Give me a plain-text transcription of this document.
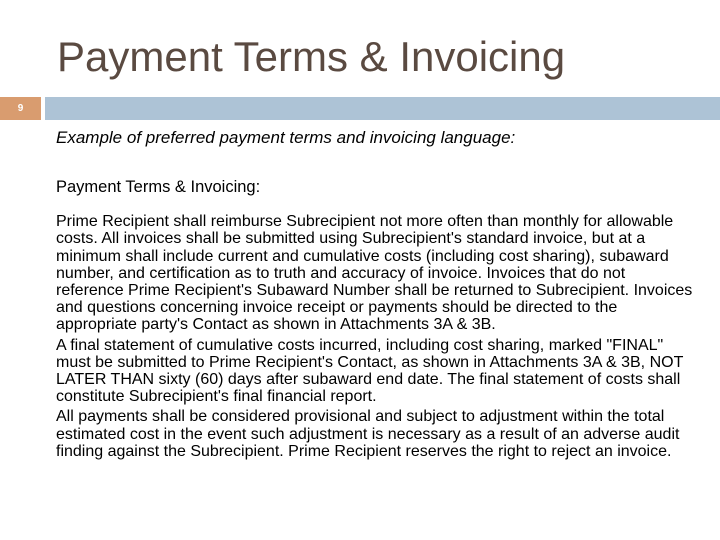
Payment Terms & Invoicing
9
Example of preferred payment terms and invoicing language:
Payment Terms & Invoicing:

Prime Recipient shall reimburse Subrecipient not more often than monthly for allowable costs. All invoices shall be submitted using Subrecipient's standard invoice, but at a minimum shall include current and cumulative costs (including cost sharing), subaward number, and certification as to truth and accuracy of invoice. Invoices that do not reference Prime Recipient's Subaward Number shall be returned to Subrecipient. Invoices and questions concerning invoice receipt or payments should be directed to the appropriate party's Contact as shown in Attachments 3A & 3B.

A final statement of cumulative costs incurred, including cost sharing, marked "FINAL" must be submitted to Prime Recipient's Contact, as shown in Attachments 3A & 3B, NOT LATER THAN sixty (60) days after subaward end date. The final statement of costs shall constitute Subrecipient's final financial report.

All payments shall be considered provisional and subject to adjustment within the total estimated cost in the event such adjustment is necessary as a result of an adverse audit finding against the Subrecipient. Prime Recipient reserves the right to reject an invoice.
